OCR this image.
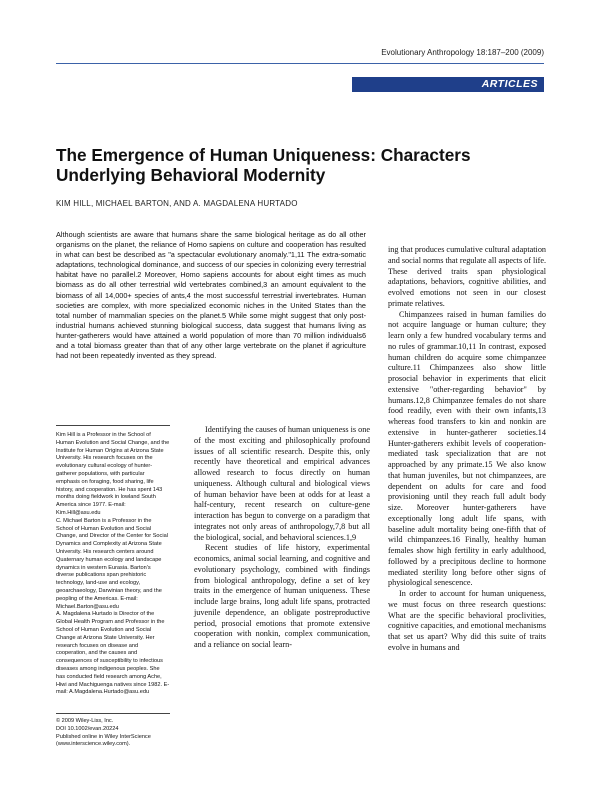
Evolutionary Anthropology 18:187–200 (2009)
ARTICLES
The Emergence of Human Uniqueness: Characters Underlying Behavioral Modernity
KIM HILL, MICHAEL BARTON, AND A. MAGDALENA HURTADO

Although scientists are aware that humans share the same biological heritage as do all other organisms on the planet, the reliance of Homo sapiens on culture and cooperation has resulted in what can best be described as "a spectacular evolutionary anomaly."1,11 The extra-somatic adaptations, technological dominance, and success of our species in colonizing every terrestrial habitat have no parallel.2 Moreover, Homo sapiens accounts for about eight times as much biomass as do all other terrestrial wild vertebrates combined,3 an amount equivalent to the biomass of all 14,000+ species of ants,4 the most successful terrestrial invertebrates. Human societies are complex, with more specialized economic niches in the United States than the total number of mammalian species on the planet.5 While some might suggest that only post-industrial humans achieved stunning biological success, data suggest that humans living as hunter-gatherers would have attained a world population of more than 70 million individuals6 and a total biomass greater than that of any other large vertebrate on the planet if agriculture had not been repeatedly invented as they spread.

Kim Hill is a Professor in the School of Human Evolution and Social Change, and the Institute for Human Origins at Arizona State University. His research focuses on the evolutionary cultural ecology of hunter-gatherer populations, with particular emphasis on foraging, food sharing, life history, and cooperation. He has spent 143 months doing fieldwork in lowland South America since 1977. E-mail: Kim.Hill@asu.edu

C. Michael Barton is a Professor in the School of Human Evolution and Social Change, and Director of the Center for Social Dynamics and Complexity at Arizona State University. His research centers around Quaternary human ecology and landscape dynamics in western Eurasia. Barton's diverse publications span prehistoric technology, land-use and ecology, geoarchaeology, Darwinian theory, and the peopling of the Americas. E-mail: Michael.Barton@asu.edu

A. Magdalena Hurtado is Director of the Global Health Program and Professor in the School of Human Evolution and Social Change at Arizona State University. Her research focuses on disease and cooperation, and the causes and consequences of susceptibility to infectious diseases among indigenous peoples. She has conducted field research among Ache, Hiwi and Machiguenga natives since 1982. E-mail: A.Magdalena.Hurtado@asu.edu

© 2009 Wiley-Liss, Inc.

DOI 10.1002/evan.20224

Published online in Wiley InterScience (www.interscience.wiley.com).

Identifying the causes of human uniqueness is one of the most exciting and philosophically profound issues of all scientific research. Despite this, only recently have theoretical and empirical advances allowed research to focus directly on human uniqueness. Although cultural and biological views of human behavior have been at odds for at least a half-century, recent research on culture-gene interaction has begun to converge on a paradigm that integrates not only areas of anthropology,7,8 but all the biological, social, and behavioral sciences.1,9

Recent studies of life history, experimental economics, animal social learning, and cognitive and evolutionary psychology, combined with findings from biological anthropology, define a set of key traits in the emergence of human uniqueness. These include large brains, long adult life spans, protracted juvenile dependence, an obligate postreproductive period, prosocial emotions that promote extensive cooperation with nonkin, complex communication, and a reliance on social learn-

ing that produces cumulative cultural adaptation and social norms that regulate all aspects of life. These derived traits span physiological adaptations, behaviors, cognitive abilities, and evolved emotions not seen in our closest primate relatives.

Chimpanzees raised in human families do not acquire language or human culture; they learn only a few hundred vocabulary terms and no rules of grammar.10,11 In contrast, exposed human children do acquire some chimpanzee culture.11 Chimpanzees also show little prosocial behavior in experiments that elicit extensive "other-regarding behavior" by humans.12,8 Chimpanzee females do not share food readily, even with their own infants,13 whereas food transfers to kin and nonkin are extensive in hunter-gatherer societies.14 Hunter-gatherers exhibit levels of cooperation-mediated task specialization that are not approached by any primate.15 We also know that human juveniles, but not chimpanzees, are dependent on adults for care and food provisioning until they reach full adult body size. Moreover hunter-gatherers have exceptionally long adult life spans, with baseline adult mortality being one-fifth that of wild chimpanzees.16 Finally, healthy human females show high fertility in early adulthood, followed by a precipitous decline to hormone mediated sterility long before other signs of physiological senescence.

In order to account for human uniqueness, we must focus on three research questions: What are the specific behavioral proclivities, cognitive capacities, and emotional mechanisms that set us apart? Why did this suite of traits evolve in humans and
